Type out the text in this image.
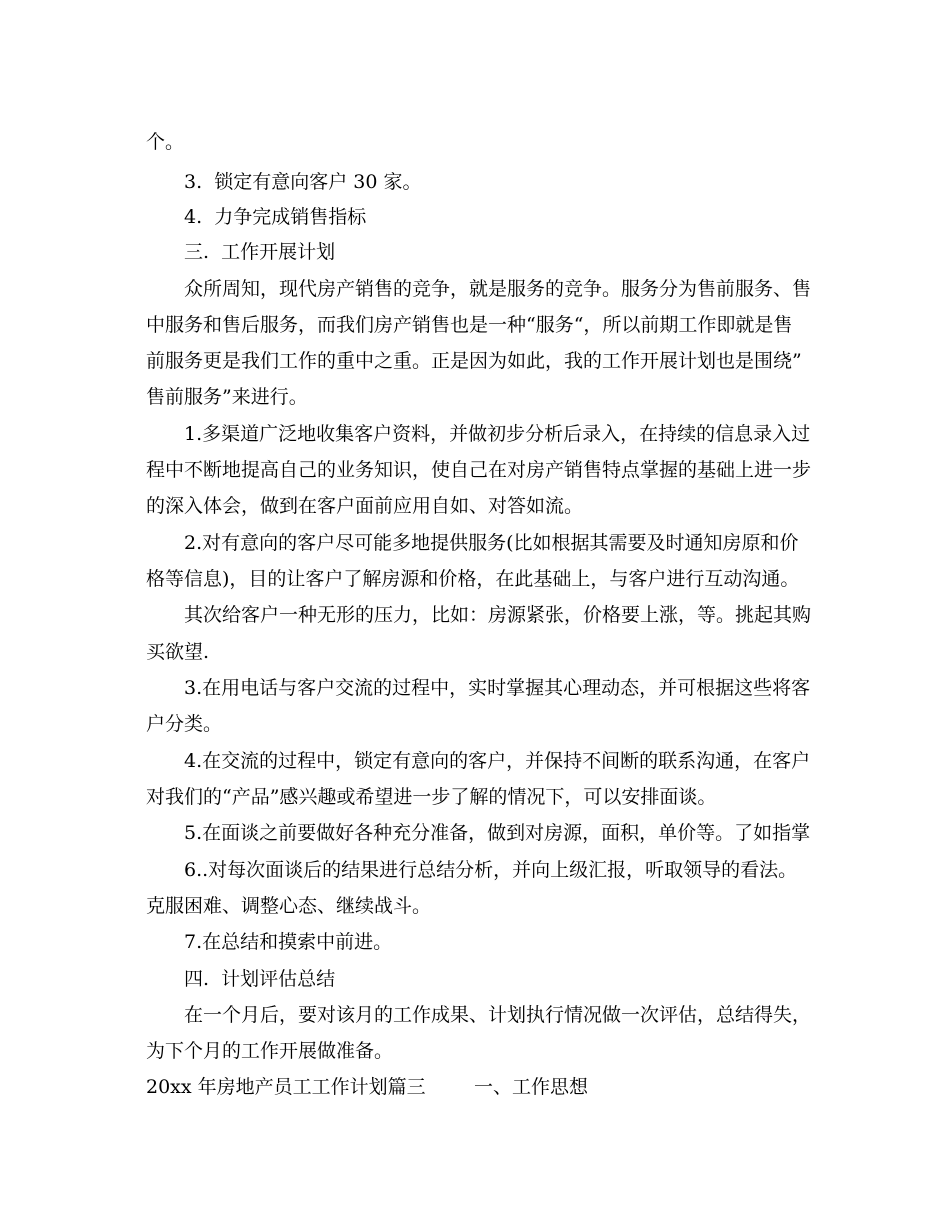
个。
3.  锁定有意向客户 30 家。
4.  力争完成销售指标
三.  工作开展计划
众所周知，现代房产销售的竞争，就是服务的竞争。服务分为售前服务、售
中服务和售后服务，而我们房产销售也是一种“服务“，所以前期工作即就是售
前服务更是我们工作的重中之重。正是因为如此，我的工作开展计划也是围绕”
售前服务”来进行。
1.多渠道广泛地收集客户资料，并做初步分析后录入，在持续的信息录入过
程中不断地提高自己的业务知识，使自己在对房产销售特点掌握的基础上进一步
的深入体会，做到在客户面前应用自如、对答如流。
2.对有意向的客户尽可能多地提供服务(比如根据其需要及时通知房原和价
格等信息)，目的让客户了解房源和价格，在此基础上，与客户进行互动沟通。
其次给客户一种无形的压力，比如：房源紧张，价格要上涨，等。挑起其购
买欲望.
3.在用电话与客户交流的过程中，实时掌握其心理动态，并可根据这些将客
户分类。
4.在交流的过程中，锁定有意向的客户，并保持不间断的联系沟通，在客户
对我们的“产品”感兴趣或希望进一步了解的情况下，可以安排面谈。
5.在面谈之前要做好各种充分准备，做到对房源，面积，单价等。了如指掌
6..对每次面谈后的结果进行总结分析，并向上级汇报，听取领导的看法。
克服困难、调整心态、继续战斗。
7.在总结和摸索中前进。
四.  计划评估总结
在一个月后，要对该月的工作成果、计划执行情况做一次评估，总结得失，
为下个月的工作开展做准备。
20xx 年房地产员工工作计划篇三        一、工作思想
